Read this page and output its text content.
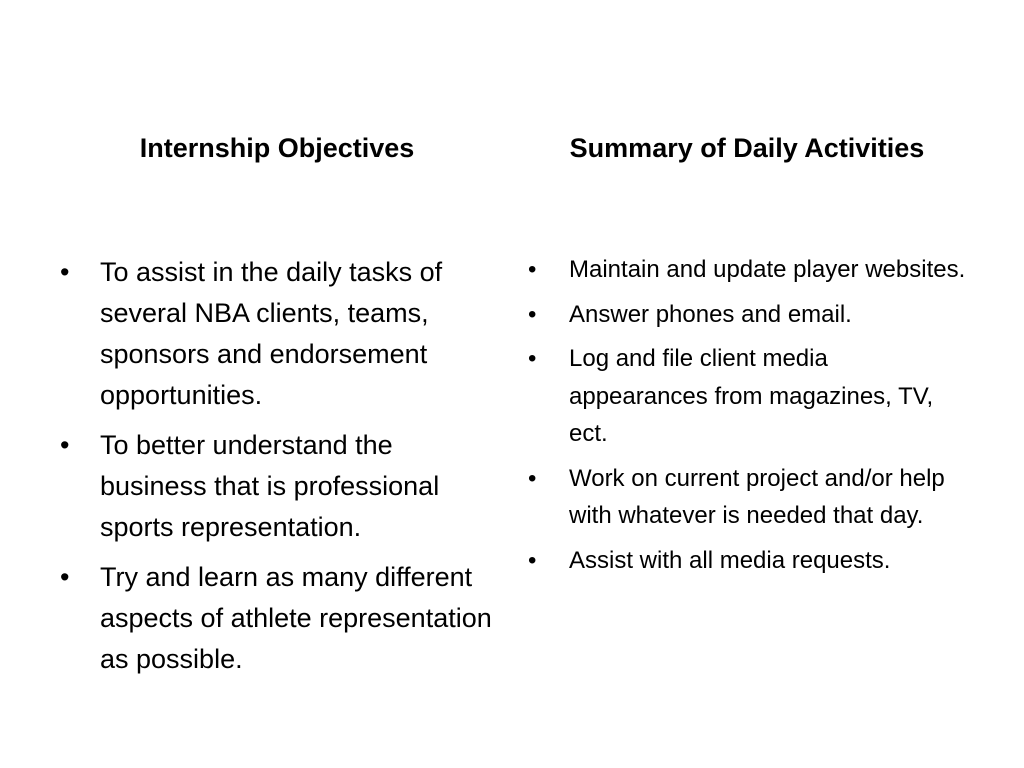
Internship Objectives	Summary of Daily Activities
• To assist in the daily tasks of several NBA clients, teams, sponsors and endorsement opportunities.
• To better understand the business that is professional sports representation.
• Try and learn as many different aspects of athlete representation as possible.
• Maintain and update player websites.
• Answer phones and email.
• Log and file client media appearances from magazines, TV, ect.
• Work on current project and/or help with whatever is needed that day.
• Assist with all media requests.
